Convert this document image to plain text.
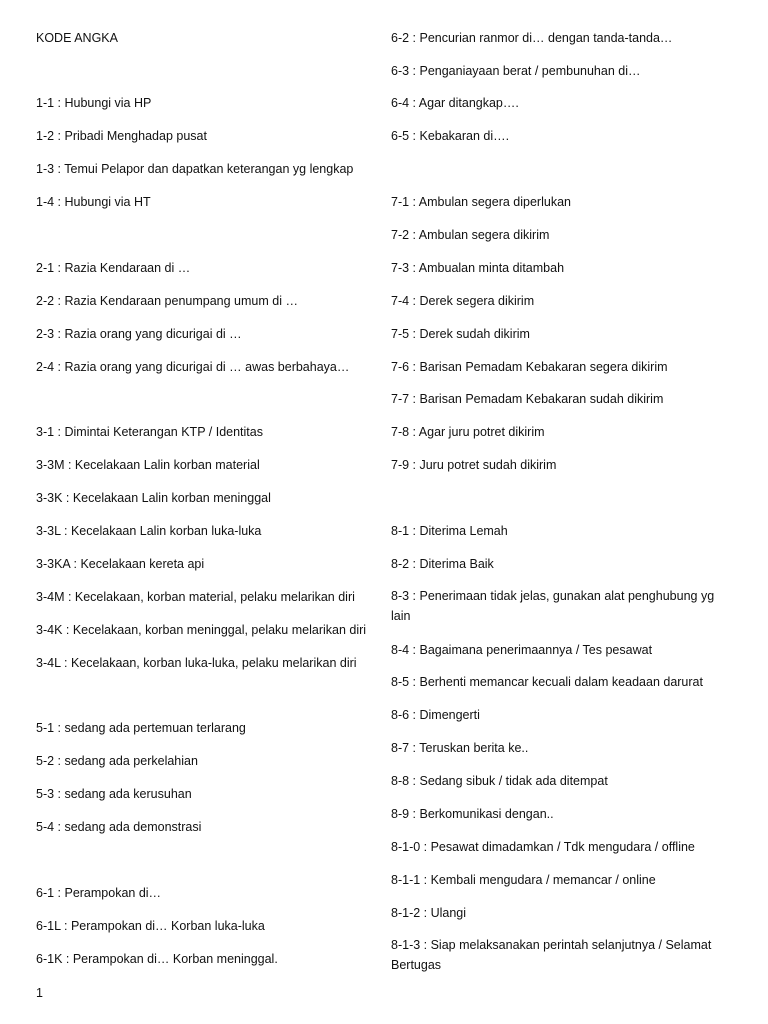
KODE ANGKA
1-1 : Hubungi via HP
1-2 : Pribadi Menghadap pusat
1-3 : Temui Pelapor dan dapatkan keterangan yg lengkap
1-4 : Hubungi via HT
2-1 : Razia Kendaraan di …
2-2 : Razia Kendaraan penumpang umum di …
2-3 : Razia orang yang dicurigai di …
2-4 : Razia orang yang dicurigai di … awas berbahaya…
3-1 : Dimintai Keterangan KTP / Identitas
3-3M : Kecelakaan Lalin korban material
3-3K : Kecelakaan Lalin korban meninggal
3-3L : Kecelakaan Lalin korban luka-luka
3-3KA : Kecelakaan kereta api
3-4M : Kecelakaan, korban material, pelaku melarikan diri
3-4K : Kecelakaan, korban meninggal, pelaku melarikan diri
3-4L : Kecelakaan, korban luka-luka, pelaku melarikan diri
5-1 : sedang ada pertemuan terlarang
5-2 : sedang ada perkelahian
5-3 : sedang ada kerusuhan
5-4 : sedang ada demonstrasi
6-1 : Perampokan di…
6-1L : Perampokan di… Korban luka-luka
6-1K : Perampokan di… Korban meninggal.
6-2 : Pencurian ranmor di… dengan tanda-tanda…
6-3 : Penganiayaan berat / pembunuhan di…
6-4 : Agar ditangkap….
6-5 : Kebakaran di….
7-1 : Ambulan segera diperlukan
7-2 : Ambulan segera dikirim
7-3 : Ambualan minta ditambah
7-4 : Derek segera dikirim
7-5 : Derek sudah dikirim
7-6 : Barisan Pemadam Kebakaran segera dikirim
7-7 : Barisan Pemadam Kebakaran sudah dikirim
7-8 : Agar juru potret dikirim
7-9 : Juru potret sudah dikirim
8-1 : Diterima Lemah
8-2 : Diterima Baik
8-3 : Penerimaan tidak jelas, gunakan alat penghubung yg lain
8-4 : Bagaimana penerimaannya / Tes pesawat
8-5 : Berhenti memancar kecuali dalam keadaan darurat
8-6 : Dimengerti
8-7 : Teruskan berita ke..
8-8 : Sedang sibuk / tidak ada ditempat
8-9 : Berkomunikasi dengan..
8-1-0 : Pesawat dimadamkan / Tdk mengudara / offline
8-1-1 : Kembali mengudara / memancar / online
8-1-2 : Ulangi
8-1-3 : Siap melaksanakan perintah selanjutnya / Selamat Bertugas
1
